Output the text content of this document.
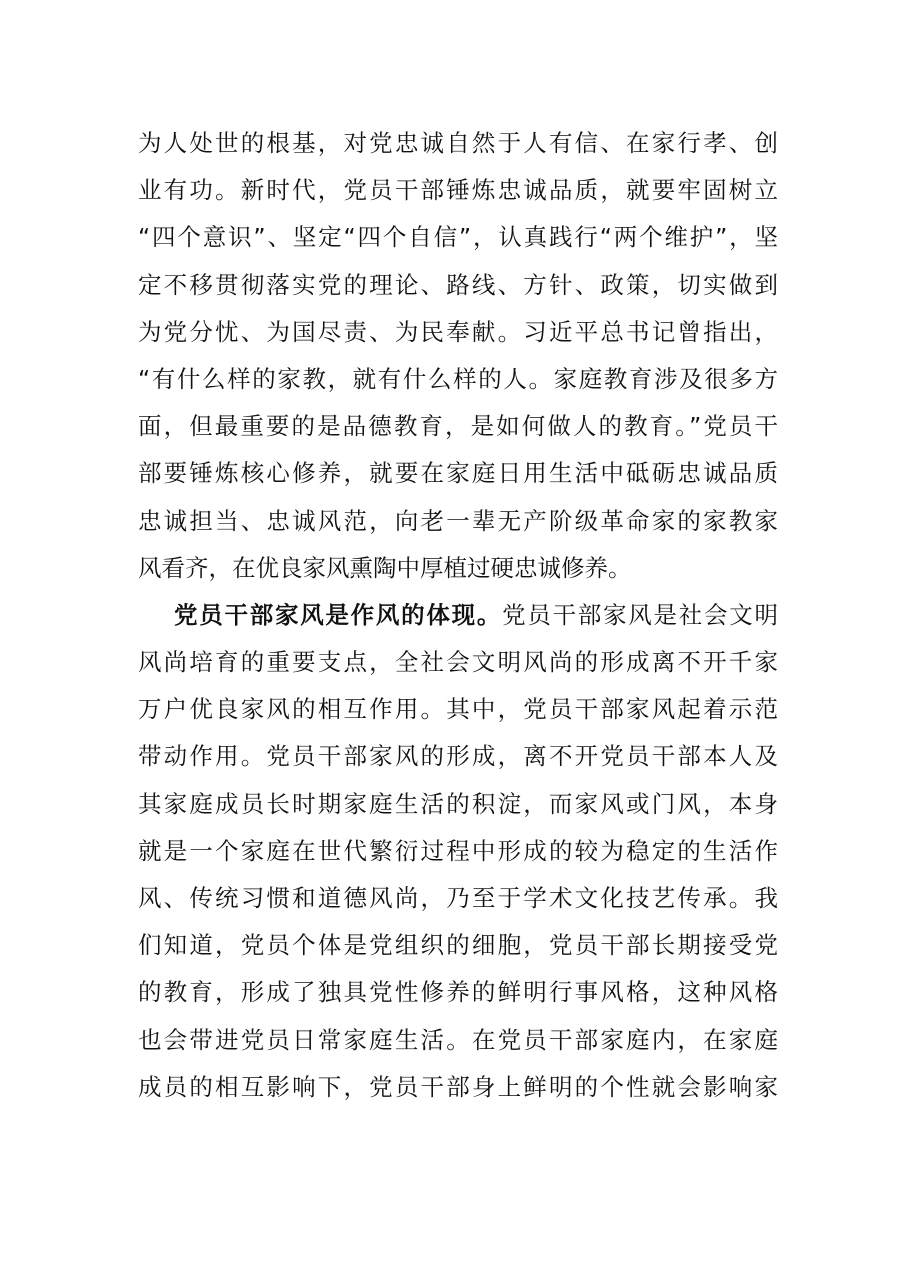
为人处世的根基，对党忠诚自然于人有信、在家行孝、创
业有功。新时代，党员干部锤炼忠诚品质，就要牢固树立
“四个意识”、坚定“四个自信”，认真践行“两个维护”，坚
定不移贯彻落实党的理论、路线、方针、政策，切实做到
为党分忧、为国尽责、为民奉献。习近平总书记曾指出，
“有什么样的家教，就有什么样的人。家庭教育涉及很多方
面，但最重要的是品德教育，是如何做人的教育。”党员干
部要锤炼核心修养，就要在家庭日用生活中砥砺忠诚品质
忠诚担当、忠诚风范，向老一辈无产阶级革命家的家教家
风看齐，在优良家风熏陶中厚植过硬忠诚修养。
党员干部家风是作风的体现。党员干部家风是社会文明
风尚培育的重要支点，全社会文明风尚的形成离不开千家
万户优良家风的相互作用。其中，党员干部家风起着示范
带动作用。党员干部家风的形成，离不开党员干部本人及
其家庭成员长时期家庭生活的积淀，而家风或门风，本身
就是一个家庭在世代繁衍过程中形成的较为稳定的生活作
风、传统习惯和道德风尚，乃至于学术文化技艺传承。我
们知道，党员个体是党组织的细胞，党员干部长期接受党
的教育，形成了独具党性修养的鲜明行事风格，这种风格
也会带进党员日常家庭生活。在党员干部家庭内，在家庭
成员的相互影响下，党员干部身上鲜明的个性就会影响家
